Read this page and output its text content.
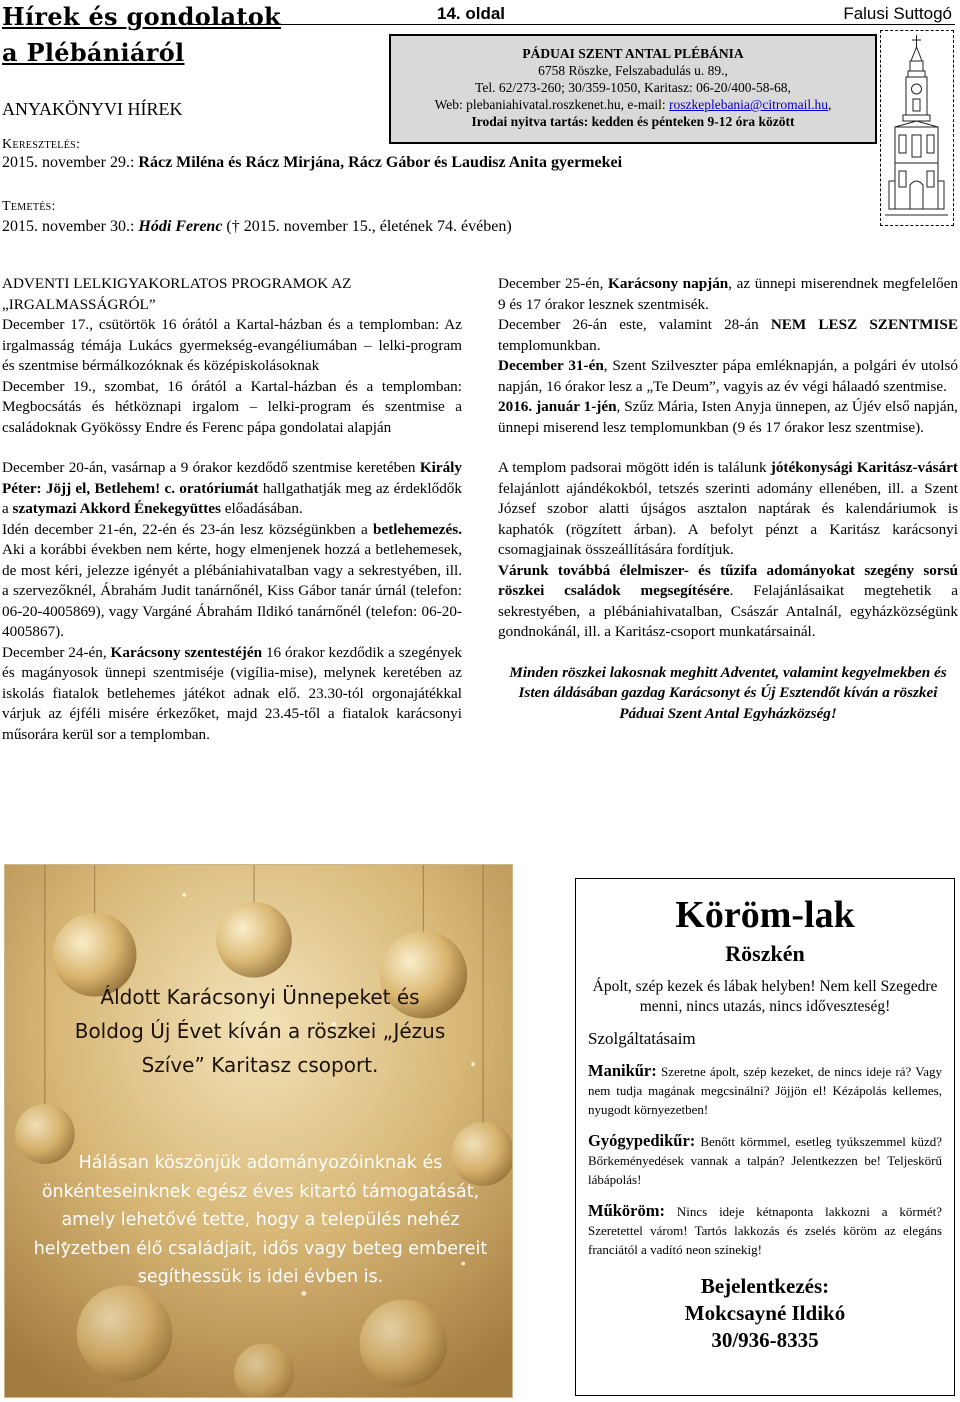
Hírek és gondolatok	14. oldal	Falusi Suttogó
a Plébániáról	PÁDUAI SZENT ANTAL PLÉBÁNIA
6758 Röszke, Felszabadulás u. 89.,
Tel. 62/273-260; 30/359-1050, Karitasz: 06-20/400-58-68,
Web: plebaniahivatal.roszkenet.hu, e-mail: roszkeplebania@citromail.hu,
Irodai nyitva tartás: kedden és pénteken 9-12 óra között
ANYAKÖNYVI HÍREK
Keresztelés:
2015. november 29.: Rácz Miléna és Rácz Mirjána, Rácz Gábor és Laudisz Anita gyermekei
Temetés:
2015. november 30.: Hódi Ferenc († 2015. november 15., életének 74. évében)

ADVENTI LELKIGYAKORLATOS PROGRAMOK AZ „IRGALMASSÁGRÓL”

December 17., csütörtök 16 órától a Kartal-házban és a templomban: Az irgalmasság témája Lukács gyermekség-evangéliumában – lelki-program és szentmise bérmálkozóknak és középiskolásoknak

December 19., szombat, 16 órától a Kartal-házban és a templomban: Megbocsátás és hétköznapi irgalom – lelki-program és szentmise a családoknak Gyökössy Endre és Ferenc pápa gondolatai alapján

December 20-án, vasárnap a 9 órakor kezdődő szentmise keretében Király Péter: Jöjj el, Betlehem! c. oratóriumát hallgathatják meg az érdeklődők a szatymazi Akkord Énekegyüttes előadásában.

Idén december 21-én, 22-én és 23-án lesz községünkben a betlehemezés. Aki a korábbi években nem kérte, hogy elmenjenek hozzá a betlehemesek, de most kéri, jelezze igényét a plébániahivatalban vagy a sekrestyében, ill. a szervezőknél, Ábrahám Judit tanárnőnél, Kiss Gábor tanár úrnál (telefon: 06-20-4005869), vagy Vargáné Ábrahám Ildikó tanárnőnél (telefon: 06-20-4005867).

December 24-én, Karácsony szentestéjén 16 órakor kezdődik a szegények és magányosok ünnepi szentmiséje (vigília-mise), melynek keretében az iskolás fiatalok betlehemes játékot adnak elő. 23.30-tól orgonajátékkal várjuk az éjféli misére érkezőket, majd 23.45-től a fiatalok karácsonyi műsorára kerül sor a templomban.

December 25-én, Karácsony napján, az ünnepi miserendnek megfelelően 9 és 17 órakor lesznek szentmisék.

December 26-án este, valamint 28-án NEM LESZ SZENTMISE templomunkban.

December 31-én, Szent Szilveszter pápa emléknapján, a polgári év utolsó napján, 16 órakor lesz a „Te Deum”, vagyis az év végi hálaadó szentmise.

2016. január 1-jén, Szűz Mária, Isten Anyja ünnepen, az Újév első napján, ünnepi miserend lesz templomunkban (9 és 17 órakor lesz szentmise).

A templom padsorai mögött idén is találunk jótékonysági Karitász-vásárt felajánlott ajándékokból, tetszés szerinti adomány ellenében, ill. a Szent József szobor alatti újságos asztalon naptárak és kalendáriumok is kaphatók (rögzített árban). A befolyt pénzt a Karitász karácsonyi csomagjainak összeállítására fordítjuk.

Várunk továbbá élelmiszer- és tűzifa adományokat szegény sorsú röszkei családok megsegítésére. Felajánlásaikat megtehetik a sekrestyében, a plébániahivatalban, Császár Antalnál, egyházközségünk gondnokánál, ill. a Karitász-csoport munkatársainál.

Minden röszkei lakosnak meghitt Adventet, valamint kegyelmekben és Isten áldásában gazdag Karácsonyt és Új Esztendőt kíván a röszkei Páduai Szent Antal Egyházközség!

Áldott Karácsonyi Ünnepeket és Boldog Új Évet kíván a röszkei „Jézus Szíve” Karitasz csoport.
Hálásan köszönjük adományozóinknak és önkénteseinknek egész éves kitartó támogatását, amely lehetővé tette, hogy a település nehéz helyzetben élő családjait, idős vagy beteg embereit segíthessük is idei évben is.
Köröm-lak
Röszkén
Ápolt, szép kezek és lábak helyben! Nem kell Szegedre menni, nincs utazás, nincs időveszteség!
Szolgáltatásaim
Manikűr: Szeretne ápolt, szép kezeket, de nincs ideje rá? Vagy nem tudja magának megcsinálni? Jöjjön el! Kézápolás kellemes, nyugodt környezetben!
Gyógypedikűr: Benőtt körmmel, esetleg tyúkszemmel küzd? Bőrkeményedések vannak a talpán? Jelentkezzen be! Teljeskörű lábápolás!
Műköröm: Nincs ideje kétnaponta lakkozni a körmét? Szeretettel várom! Tartós lakkozás és zselés köröm az elegáns franciától a vadító neon színekig!
Bejelentkezés:
Mokcsayné Ildikó
30/936-8335
